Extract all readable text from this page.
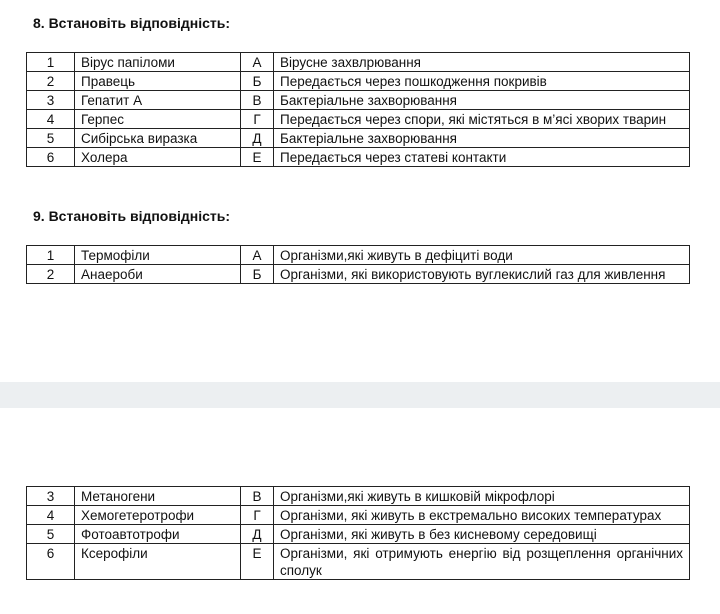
8. Встановіть відповідність:
1	Вірус папіломи	А	Вірусне захвлрювання
2	Правець	Б	Передається через пошкодження покривів
3	Гепатит А	В	Бактеріальне захворювання
4	Герпес	Г	Передається через спори, які містяться в м’ясі хворих тварин
5	Сибірська виразка	Д	Бактеріальне захворювання
6	Холера	Е	Передається через статеві контакти
9. Встановіть відповідність:
1	Термофіли	А	Організми,які живуть в дефіциті води
2	Анаероби	Б	Організми, які використовують вуглекислий газ для живлення
3	Метаногени	В	Організми,які живуть в кишковій мікрофлорі
4	Хемогетеротрофи	Г	Організми, які живуть в екстремально високих температурах
5	Фотоавтотрофи	Д	Організми, які живуть в без кисневому середовищі
6	Ксерофіли	Е	Організми, які отримують енергію від розщеплення органічних сполук
